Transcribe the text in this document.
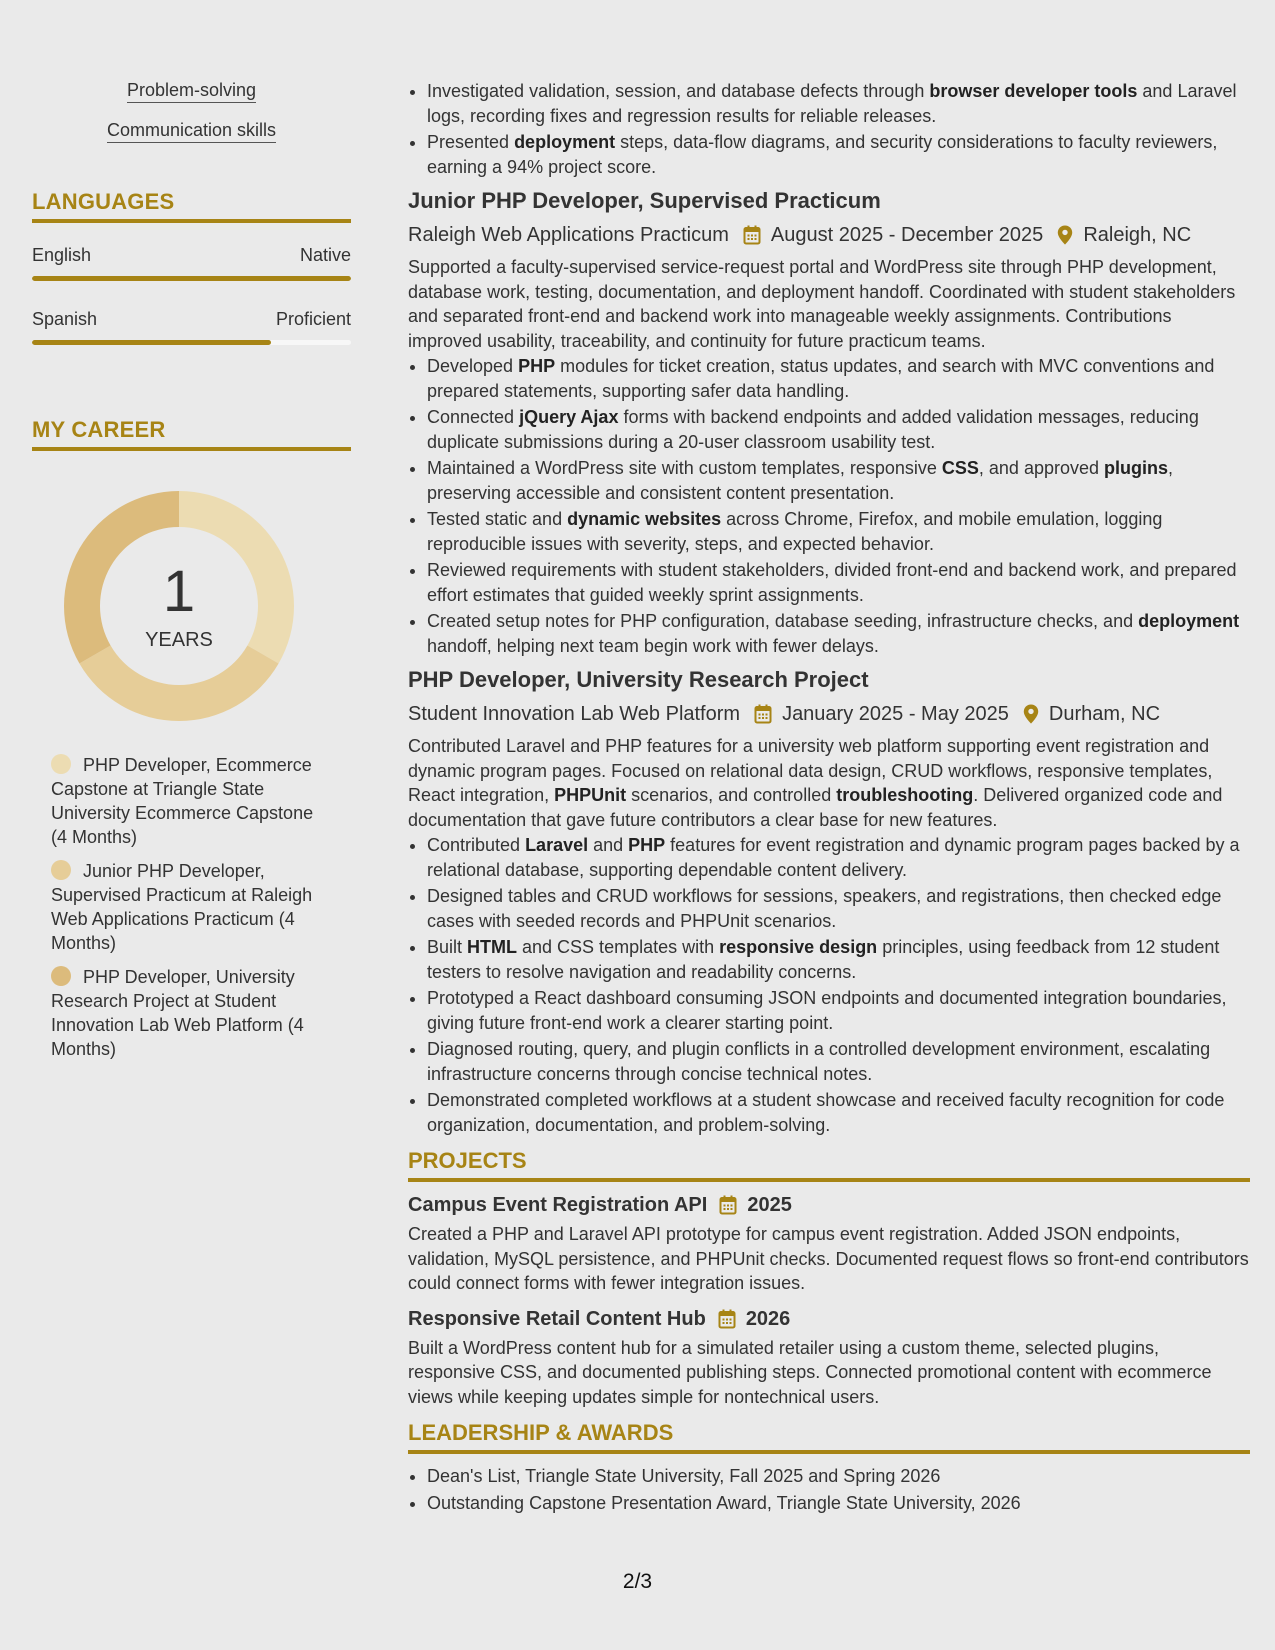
Problem-solving
Communication skills
LANGUAGES
English	Native
Spanish	Proficient
MY CAREER
1
YEARS
PHP Developer, Ecommerce Capstone at Triangle State University Ecommerce Capstone (4 Months)
Junior PHP Developer, Supervised Practicum at Raleigh Web Applications Practicum (4 Months)
PHP Developer, University Research Project at Student Innovation Lab Web Platform (4 Months)
• Investigated validation, session, and database defects through browser developer tools and Laravel logs, recording fixes and regression results for reliable releases.
• Presented deployment steps, data-flow diagrams, and security considerations to faculty reviewers, earning a 94% project score.
Junior PHP Developer, Supervised Practicum
Raleigh Web Applications Practicum August 2025 - December 2025 Raleigh, NC

Supported a faculty-supervised service-request portal and WordPress site through PHP development, database work, testing, documentation, and deployment handoff. Coordinated with student stakeholders and separated front-end and backend work into manageable weekly assignments. Contributions improved usability, traceability, and continuity for future practicum teams.

• Developed PHP modules for ticket creation, status updates, and search with MVC conventions and prepared statements, supporting safer data handling.
• Connected jQuery Ajax forms with backend endpoints and added validation messages, reducing duplicate submissions during a 20-user classroom usability test.
• Maintained a WordPress site with custom templates, responsive CSS, and approved plugins, preserving accessible and consistent content presentation.
• Tested static and dynamic websites across Chrome, Firefox, and mobile emulation, logging reproducible issues with severity, steps, and expected behavior.
• Reviewed requirements with student stakeholders, divided front-end and backend work, and prepared effort estimates that guided weekly sprint assignments.
• Created setup notes for PHP configuration, database seeding, infrastructure checks, and deployment handoff, helping next team begin work with fewer delays.
PHP Developer, University Research Project
Student Innovation Lab Web Platform January 2025 - May 2025 Durham, NC

Contributed Laravel and PHP features for a university web platform supporting event registration and dynamic program pages. Focused on relational data design, CRUD workflows, responsive templates, React integration, PHPUnit scenarios, and controlled troubleshooting. Delivered organized code and documentation that gave future contributors a clear base for new features.

• Contributed Laravel and PHP features for event registration and dynamic program pages backed by a relational database, supporting dependable content delivery.
• Designed tables and CRUD workflows for sessions, speakers, and registrations, then checked edge cases with seeded records and PHPUnit scenarios.
• Built HTML and CSS templates with responsive design principles, using feedback from 12 student testers to resolve navigation and readability concerns.
• Prototyped a React dashboard consuming JSON endpoints and documented integration boundaries, giving future front-end work a clearer starting point.
• Diagnosed routing, query, and plugin conflicts in a controlled development environment, escalating infrastructure concerns through concise technical notes.
• Demonstrated completed workflows at a student showcase and received faculty recognition for code organization, documentation, and problem-solving.
PROJECTS
Campus Event Registration API 2025

Created a PHP and Laravel API prototype for campus event registration. Added JSON endpoints, validation, MySQL persistence, and PHPUnit checks. Documented request flows so front-end contributors could connect forms with fewer integration issues.

Responsive Retail Content Hub 2026

Built a WordPress content hub for a simulated retailer using a custom theme, selected plugins, responsive CSS, and documented publishing steps. Connected promotional content with ecommerce views while keeping updates simple for nontechnical users.

LEADERSHIP & AWARDS
• Dean's List, Triangle State University, Fall 2025 and Spring 2026
• Outstanding Capstone Presentation Award, Triangle State University, 2026
2/3
